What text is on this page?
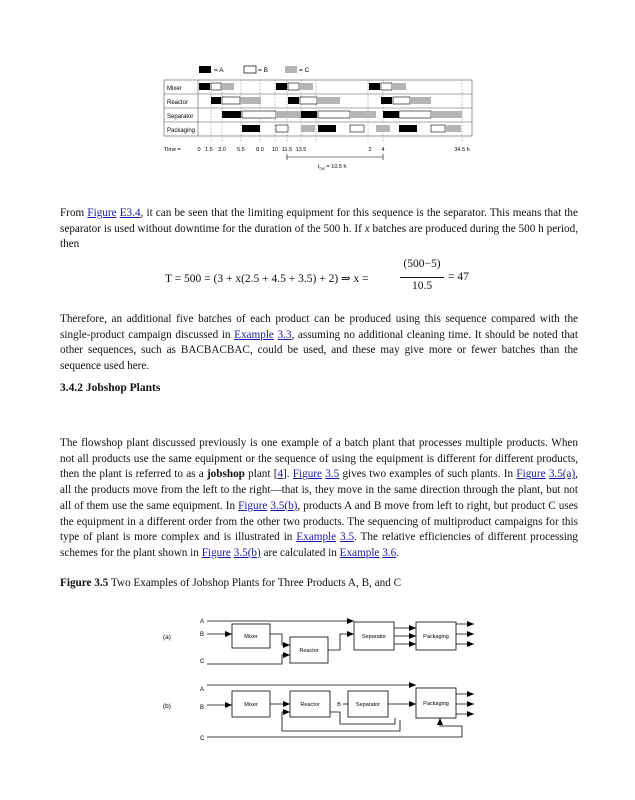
= A	= B	= C
Mixer
Reactor
Separator
Packaging
Time =	0 1.5 3.0 5.5 8.0 10 11.5 13.5	2 4	34.5 h
$t_{cyc}= 10.5$ h

From Figure E3.4, it can be seen that the limiting equipment for this sequence is the separator. This means that the separator is used without downtime for the duration of the 500 h. If x batches are produced during the 500 h period, then

T = 500 = (3 + x(2.5 + 4.5 + 3.5) + 2) ⇒ x =
(500−5)
10.5
= 47

Therefore, an additional five batches of each product can be produced using this sequence compared with the single-product campaign discussed in Example 3.3, assuming no additional cleaning time. It should be noted that other sequences, such as BACBACBAC, could be used, and these may give more or fewer batches than the sequence used here.

3.4.2 Jobshop Plants

The flowshop plant discussed previously is one example of a batch plant that processes multiple products. When not all products use the same equipment or the sequence of using the equipment is different for different products, then the plant is referred to as a jobshop plant [4]. Figure 3.5 gives two examples of such plants. In Figure 3.5(a), all the products move from the left to the right—that is, they move in the same direction through the plant, but not all of them use the same equipment. In Figure 3.5(b), products A and B move from left to right, but product C uses the equipment in a different order from the other two products. The sequencing of multiproduct campaigns for this type of plant is more complex and is illustrated in Example 3.5. The relative efficiencies of different processing schemes for the plant shown in Figure 3.5(b) are calculated in Example 3.6.

Figure 3.5 Two Examples of Jobshop Plants for Three Products A, B, and C

(a)
A
B
C
Mixer
Reactor
Separator	Packaging
(b)
A
B
C
Mixer	Reactor	Separator	Packaging
B
